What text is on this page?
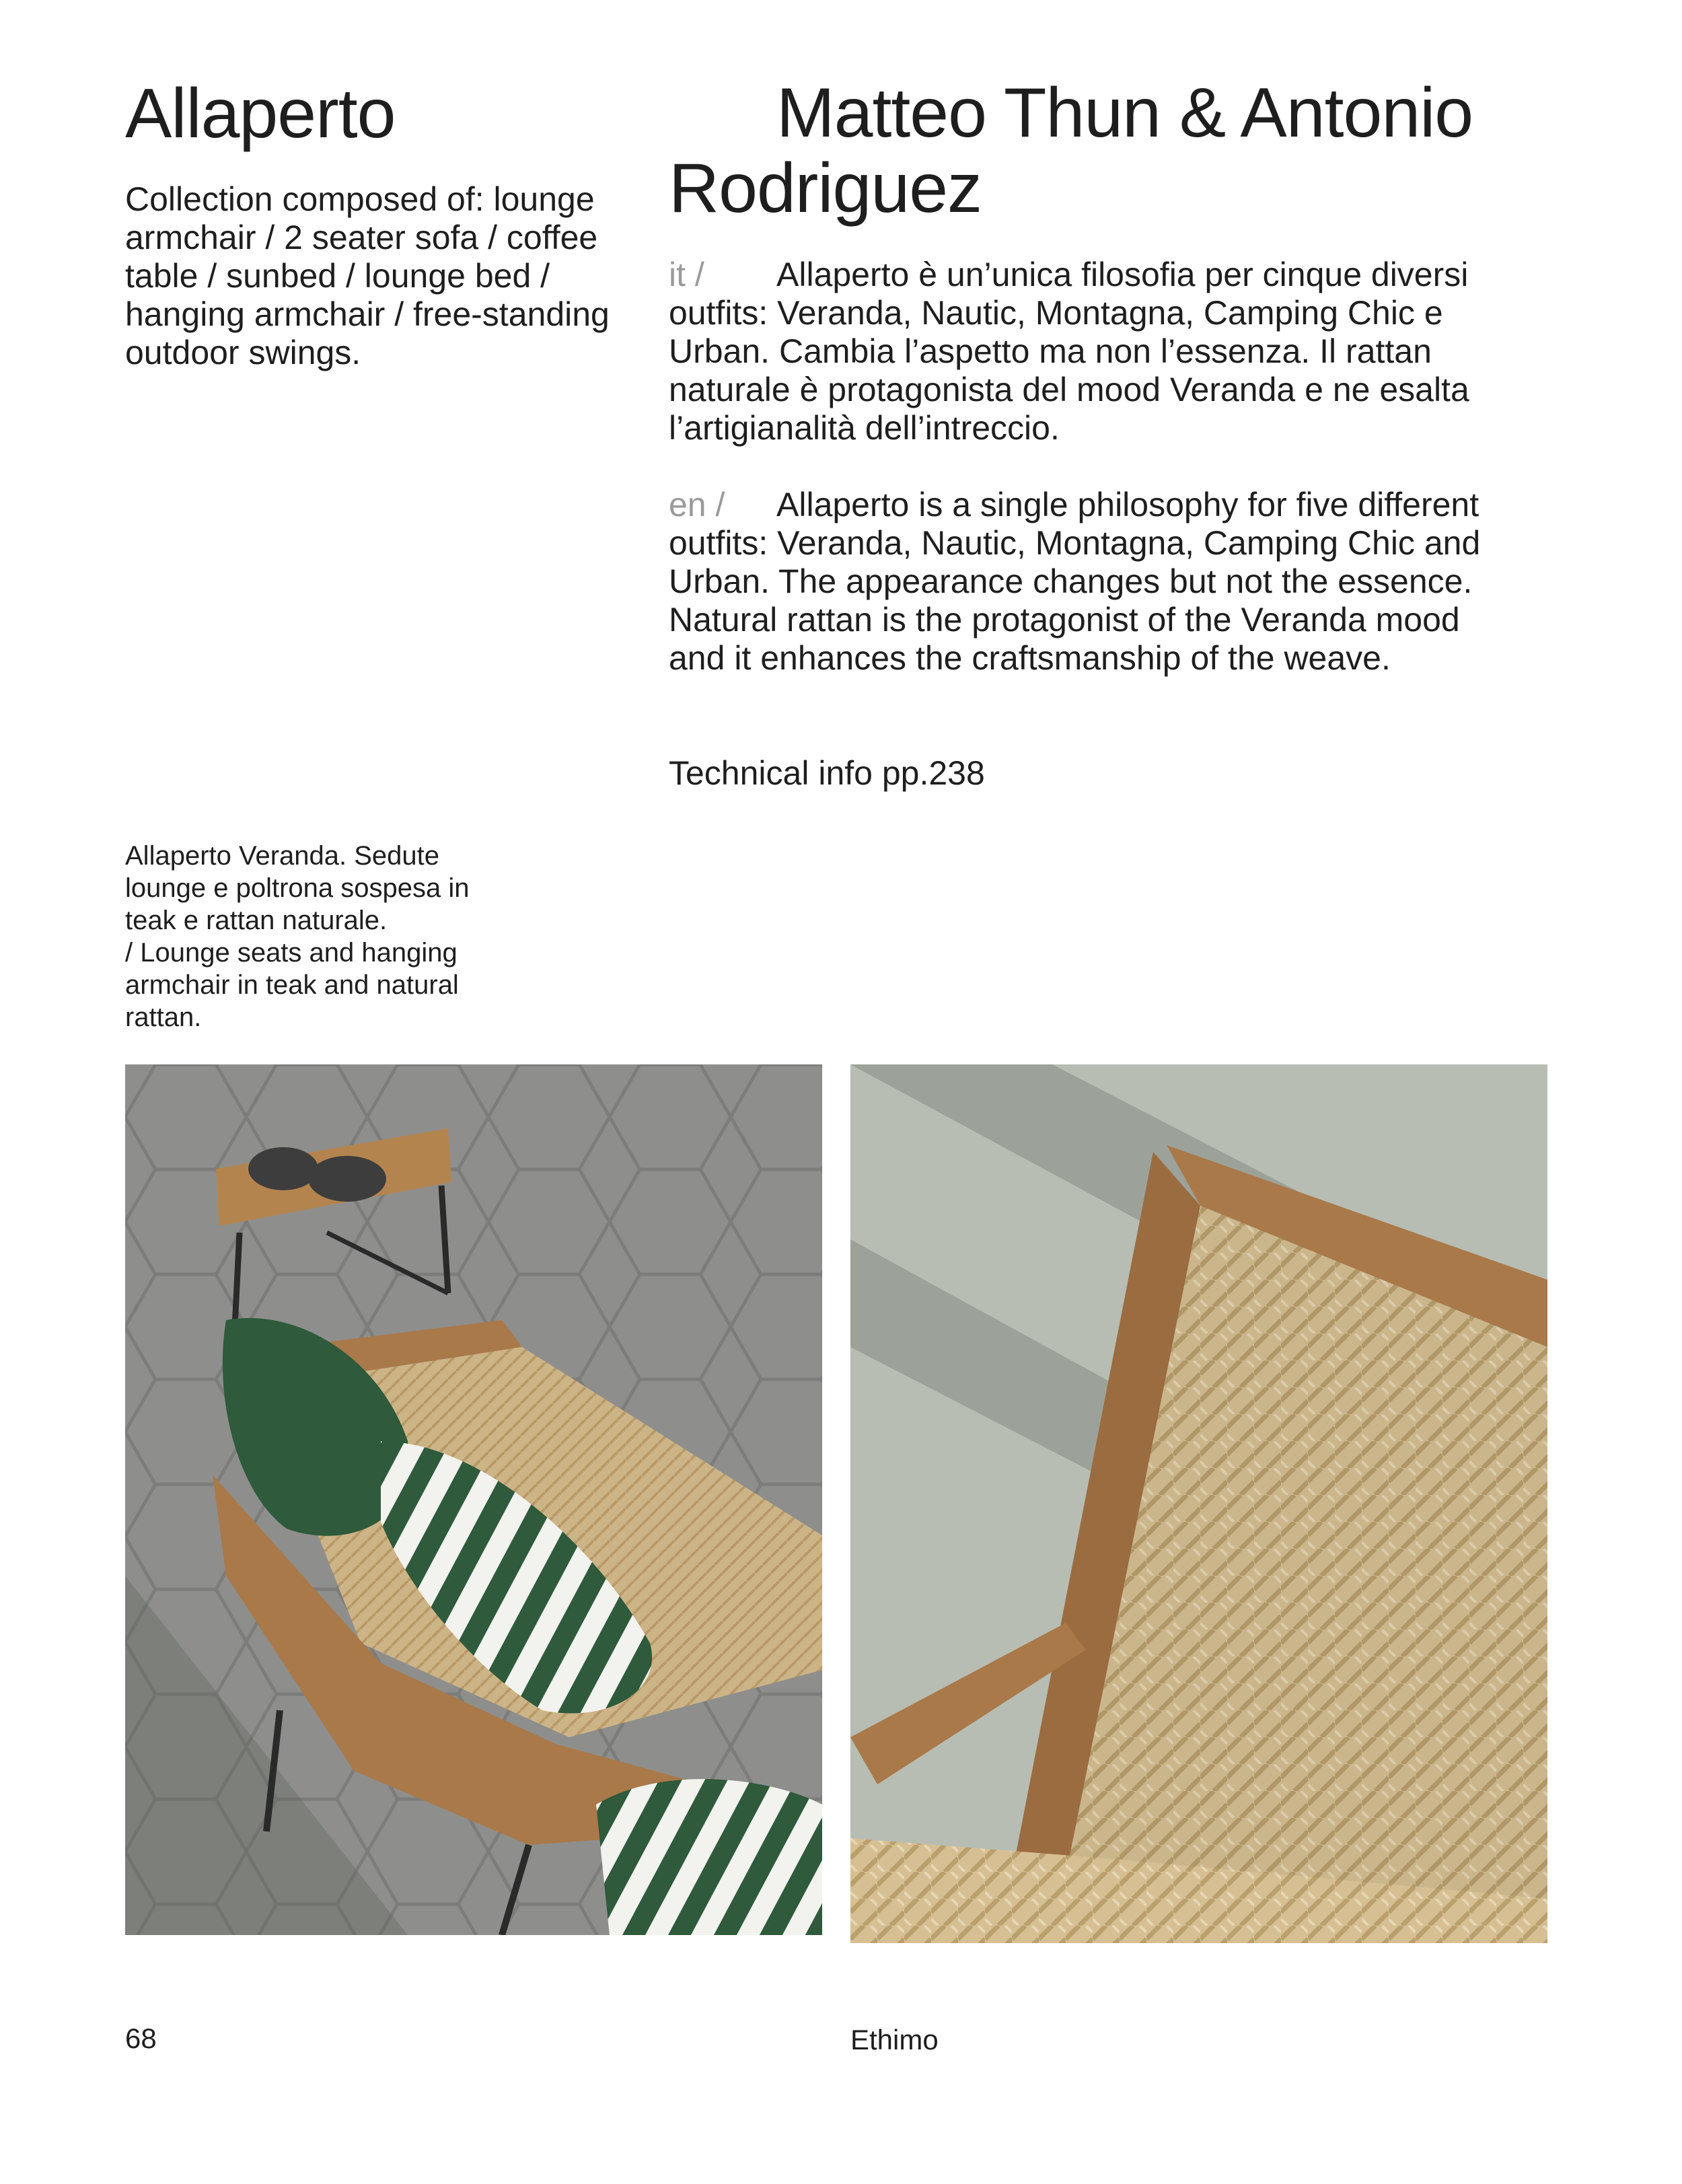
Allaperto
Collection composed of: lounge armchair / 2 seater sofa / coffee table / sunbed / lounge bed / hanging armchair / free-standing outdoor swings.
Matteo Thun & Antonio Rodriguez
it / Allaperto è un’unica filosofia per cinque diversi outfits: Veranda, Nautic, Montagna, Camping Chic e Urban. Cambia l’aspetto ma non l’essenza. Il rattan naturale è protagonista del mood Veranda e ne esalta l’artigianalità dell’intreccio.
en / Allaperto is a single philosophy for five different outfits: Veranda, Nautic, Montagna, Camping Chic and Urban. The appearance changes but not the essence. Natural rattan is the protagonist of the Veranda mood and it enhances the craftsmanship of the weave.
Technical info pp.238
Allaperto Veranda. Sedute lounge e poltrona sospesa in teak e rattan naturale.
/ Lounge seats and hanging armchair in teak and natural rattan.
68	Ethimo
